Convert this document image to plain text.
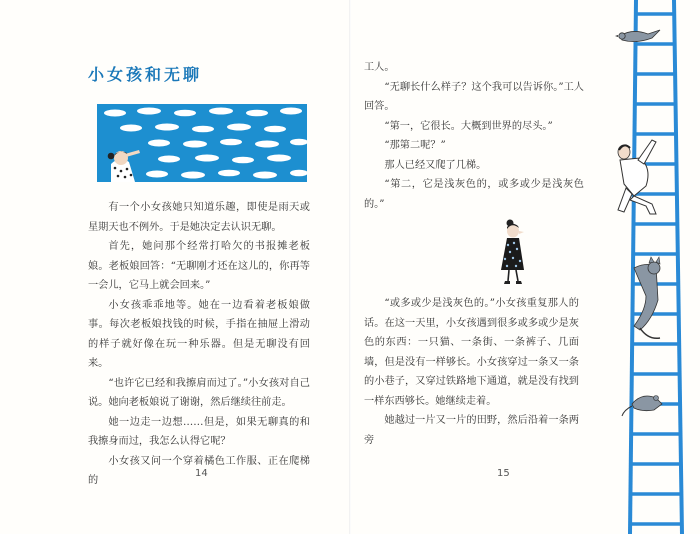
小女孩和无聊

有一个小女孩她只知道乐趣，即使是雨天或星期天也不例外。于是她决定去认识无聊。

首先，她问那个经常打哈欠的书报摊老板娘。老板娘回答：“无聊刚才还在这儿的，你再等一会儿，它马上就会回来。”

小女孩乖乖地等。她在一边看着老板娘做事。每次老板娘找钱的时候，手指在抽屉上滑动的样子就好像在玩一种乐器。但是无聊没有回来。

“也许它已经和我擦肩而过了。”小女孩对自己说。她向老板娘说了谢谢，然后继续往前走。

她一边走一边想……但是，如果无聊真的和我擦身而过，我怎么认得它呢？

小女孩又问一个穿着橘色工作服、正在爬梯的

14

工人。

“无聊长什么样子？这个我可以告诉你。”工人回答。

“第一，它很长。大概到世界的尽头。”

“那第二呢？”

那人已经又爬了几梯。

“第二，它是浅灰色的，或多或少是浅灰色的。”

“或多或少是浅灰色的。”小女孩重复那人的话。在这一天里，小女孩遇到很多或多或少是灰色的东西：一只猫、一条街、一条裤子、几面墙，但是没有一样够长。小女孩穿过一条又一条的小巷子，又穿过铁路地下通道，就是没有找到一样东西够长。她继续走着。

她越过一片又一片的田野，然后沿着一条两旁

15
